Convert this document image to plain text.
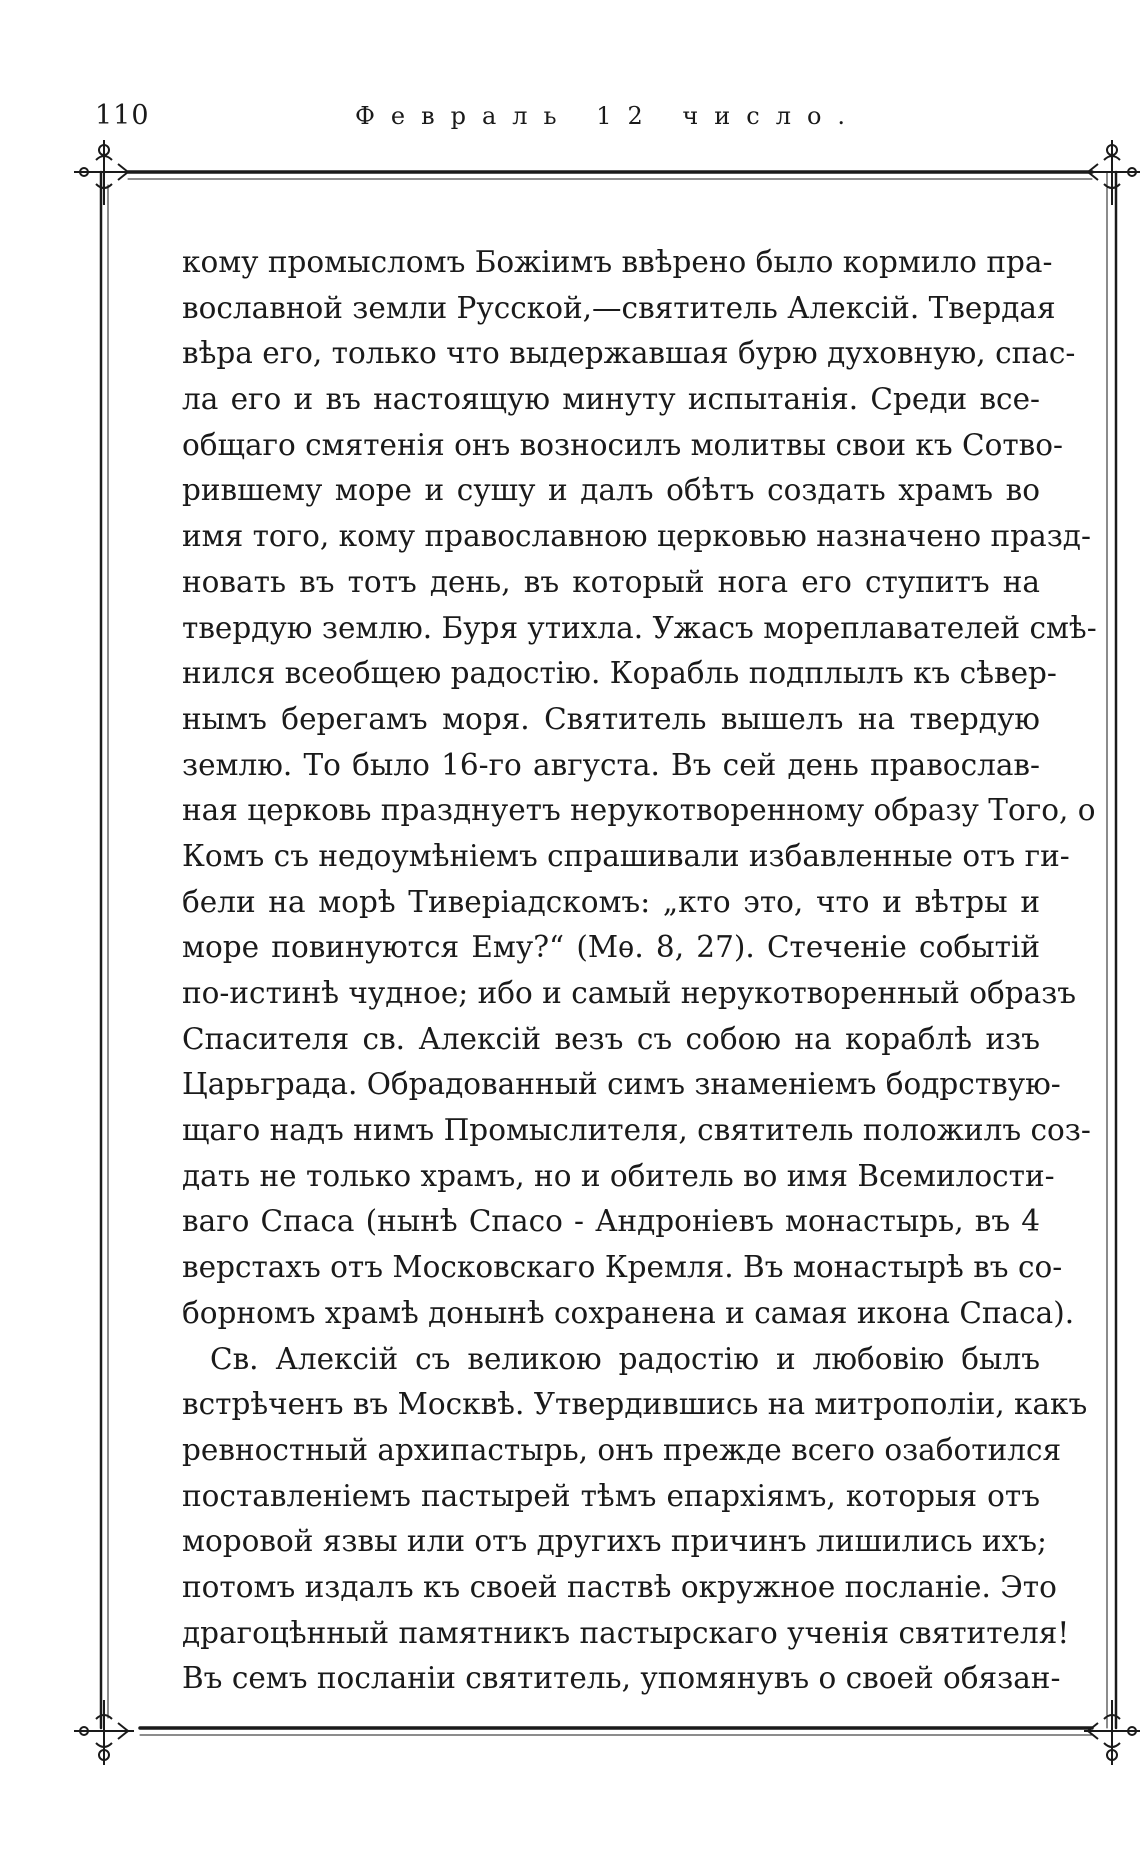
110	Февраль 12 число.
кому промысломъ Божіимъ ввѣрено было кормило пра-
вославной земли Русской,—святитель Алексій. Твердая
вѣра его, только что выдержавшая бурю духовную, спас-
ла его и въ настоящую минуту испытанія. Среди все-
общаго смятенія онъ возносилъ молитвы свои къ Сотво-
рившему море и сушу и далъ обѣтъ создать храмъ во
имя того, кому православною церковью назначено празд-
новать въ тотъ день, въ который нога его ступитъ на
твердую землю. Буря утихла. Ужасъ мореплавателей смѣ-
нился всеобщею радостію. Корабль подплылъ къ сѣвер-
нымъ берегамъ моря. Святитель вышелъ на твердую
землю. То было 16-го августа. Въ сей день православ-
ная церковь празднуетъ нерукотворенному образу Того, о
Комъ съ недоумѣніемъ спрашивали избавленные отъ ги-
бели на морѣ Тиверіадскомъ: „кто это, что и вѣтры и
море повинуются Ему?“ (Мѳ. 8, 27). Стеченіе событій
по-истинѣ чудное; ибо и самый нерукотворенный образъ
Спасителя св. Алексій везъ съ собою на кораблѣ изъ
Царьграда. Обрадованный симъ знаменіемъ бодрствую-
щаго надъ нимъ Промыслителя, святитель положилъ соз-
дать не только храмъ, но и обитель во имя Всемилости-
ваго Спаса (нынѣ Спасо - Андроніевъ монастырь, въ 4
верстахъ отъ Московскаго Кремля. Въ монастырѣ въ со-
борномъ храмѣ донынѣ сохранена и самая икона Спаса).
Св. Алексій съ великою радостію и любовію былъ
встрѣченъ въ Москвѣ. Утвердившись на митрополіи, какъ
ревностный архипастырь, онъ прежде всего озаботился
поставленіемъ пастырей тѣмъ епархіямъ, которыя отъ
моровой язвы или отъ другихъ причинъ лишились ихъ;
потомъ издалъ къ своей паствѣ окружное посланіе. Это
драгоцѣнный памятникъ пастырскаго ученія святителя!
Въ семъ посланіи святитель, упомянувъ о своей обязан-
